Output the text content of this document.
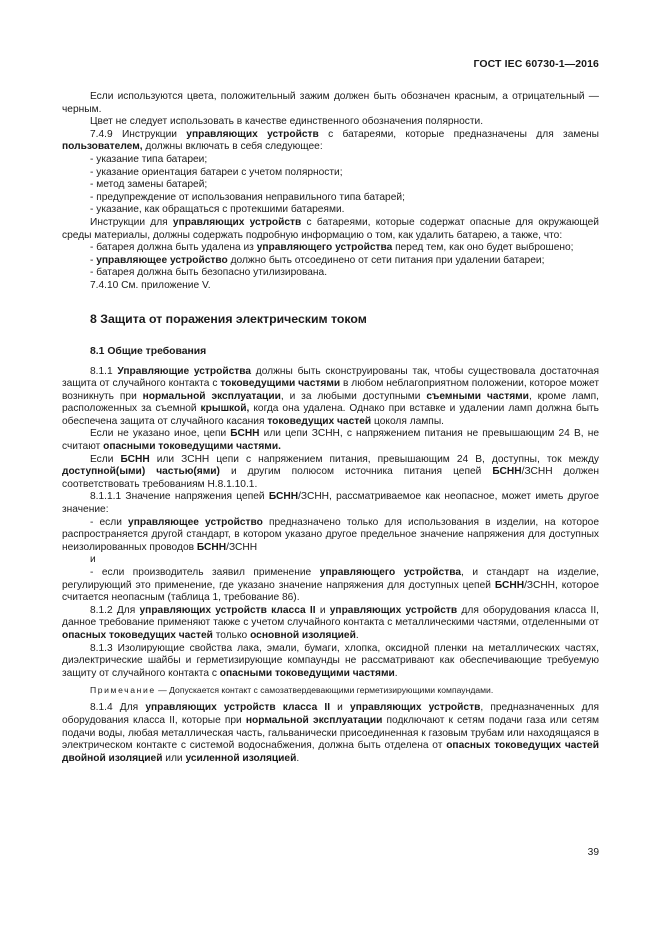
ГОСТ IEC 60730-1—2016

Если используются цвета, положительный зажим должен быть обозначен красным, а отрицательный — черным.

Цвет не следует использовать в качестве единственного обозначения полярности.

7.4.9 Инструкции управляющих устройств с батареями, которые предназначены для замены пользователем, должны включать в себя следующее:

- указание типа батареи;

- указание ориентация батареи с учетом полярности;

- метод замены батарей;

- предупреждение от использования неправильного типа батарей;

- указание, как обращаться с протекшими батареями.

Инструкции для управляющих устройств с батареями, которые содержат опасные для окружающей среды материалы, должны содержать подробную информацию о том, как удалить батарею, а также, что:

- батарея должна быть удалена из управляющего устройства перед тем, как оно будет выброшено;

- управляющее устройство должно быть отсоединено от сети питания при удалении батареи;

- батарея должна быть безопасно утилизирована.

7.4.10 См. приложение V.

8 Защита от поражения электрическим током
8.1 Общие требования

8.1.1 Управляющие устройства должны быть сконструированы так, чтобы существовала достаточная защита от случайного контакта с токоведущими частями в любом неблагоприятном положении, которое может возникнуть при нормальной эксплуатации, и за любыми доступными съемными частями, кроме ламп, расположенных за съемной крышкой, когда она удалена. Однако при вставке и удалении ламп должна быть обеспечена защита от случайного касания токоведущих частей цоколя лампы.

Если не указано иное, цепи БСНН или цепи ЗСНН, с напряжением питания не превышающим 24 В, не считают опасными токоведущими частями.

Если БСНН или ЗСНН цепи с напряжением питания, превышающим 24 В, доступны, ток между доступной(ыми) частью(ями) и другим полюсом источника питания цепей БСНН/ЗСНН должен соответствовать требованиям Н.8.1.10.1.

8.1.1.1 Значение напряжения цепей БСНН/ЗСНН, рассматриваемое как неопасное, может иметь другое значение:

- если управляющее устройство предназначено только для использования в изделии, на которое распространяется другой стандарт, в котором указано другое предельное значение напряжения для доступных неизолированных проводов БСНН/ЗСНН

и

- если производитель заявил применение управляющего устройства, и стандарт на изделие, регулирующий это применение, где указано значение напряжения для доступных цепей БСНН/ЗСНН, которое считается неопасным (таблица 1, требование 86).

8.1.2 Для управляющих устройств класса II и управляющих устройств для оборудования класса II, данное требование применяют также с учетом случайного контакта с металлическими частями, отделенными от опасных токоведущих частей только основной изоляцией.

8.1.3 Изолирующие свойства лака, эмали, бумаги, хлопка, оксидной пленки на металлических частях, диэлектрические шайбы и герметизирующие компаунды не рассматривают как обеспечивающие требуемую защиту от случайного контакта с опасными токоведущими частями.

Примечание — Допускается контакт с самозатвердевающими герметизирующими компаундами.

8.1.4 Для управляющих устройств класса II и управляющих устройств, предназначенных для оборудования класса II, которые при нормальной эксплуатации подключают к сетям подачи газа или сетям подачи воды, любая металлическая часть, гальванически присоединенная к газовым трубам или находящаяся в электрическом контакте с системой водоснабжения, должна быть отделена от опасных токоведущих частей двойной изоляцией или усиленной изоляцией.

39
